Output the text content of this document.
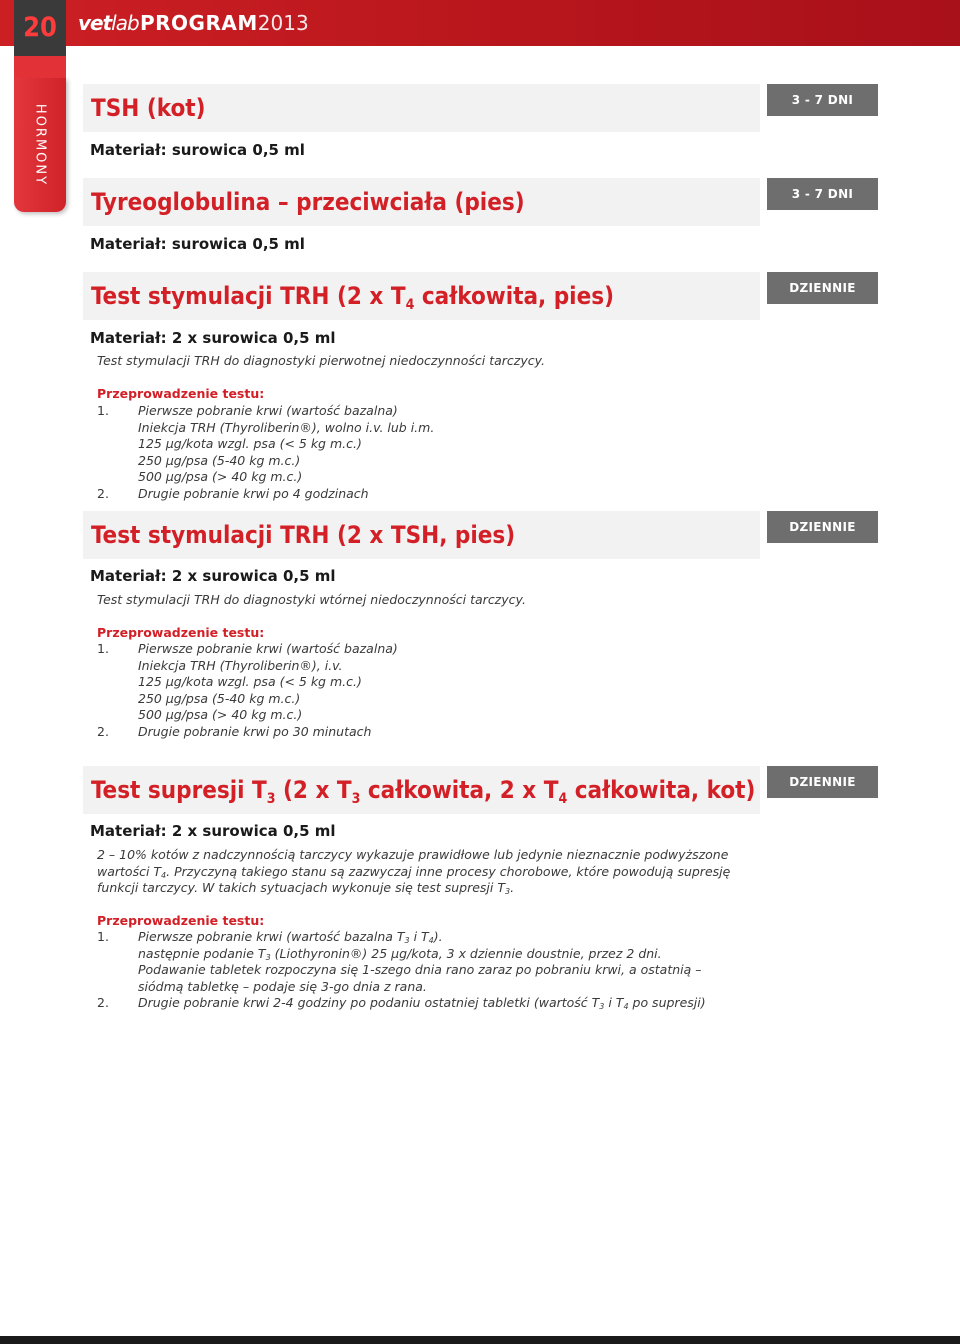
20	vetlab PROGRAM2013
HORMONY	TSH (kot)	3 - 7 DNI
Materiał: surowica 0,5 ml
Tyreoglobulina – przeciwciała (pies)	3 - 7 DNI
Materiał: surowica 0,5 ml
Test stymulacji TRH (2 x $T_4$ całkowita, pies)	DZIENNIE
Materiał: 2 x surowica 0,5 ml
Test stymulacji TRH do diagnostyki pierwotnej niedoczynności tarczycy.
Przeprowadzenie testu:
1. Pierwsze pobranie krwi (wartość bazalna)
Iniekcja TRH (Thyroliberin®), wolno i.v. lub i.m.
125 µg/kota wzgl. psa (< 5 kg m.c.)
250 µg/psa (5-40 kg m.c.)
500 µg/psa (> 40 kg m.c.)
2. Drugie pobranie krwi po 4 godzinach
Test stymulacji TRH (2 x TSH, pies)	DZIENNIE
Materiał: 2 x surowica 0,5 ml
Test stymulacji TRH do diagnostyki wtórnej niedoczynności tarczycy.
Przeprowadzenie testu:
1. Pierwsze pobranie krwi (wartość bazalna)
Iniekcja TRH (Thyroliberin®), i.v.
125 µg/kota wzgl. psa (< 5 kg m.c.)
250 µg/psa (5-40 kg m.c.)
500 µg/psa (> 40 kg m.c.)
2. Drugie pobranie krwi po 30 minutach
Test supresji $T_3$ (2 x $T_3$ całkowita, 2 x $T_4$ całkowita, kot)	DZIENNIE
Materiał: 2 x surowica 0,5 ml
2 – 10% kotów z nadczynnością tarczycy wykazuje prawidłowe lub jedynie nieznacznie podwyższone wartości $T_4$. Przyczyną takiego stanu są zazwyczaj inne procesy chorobowe, które powodują supresję funkcji tarczycy. W takich sytuacjach wykonuje się test supresji $T_3$.
Przeprowadzenie testu:
1. Pierwsze pobranie krwi (wartość bazalna $T_3$ i $T_4$).
następnie podanie $T_3$ (Liothyronin®) 25 µg/kota, 3 x dziennie doustnie, przez 2 dni.
Podawanie tabletek rozpoczyna się 1-szego dnia rano zaraz po pobraniu krwi, a ostatnią – siódmą tabletkę – podaje się 3-go dnia z rana.
2. Drugie pobranie krwi 2-4 godziny po podaniu ostatniej tabletki (wartość $T_3$ i $T_4$ po supresji)
